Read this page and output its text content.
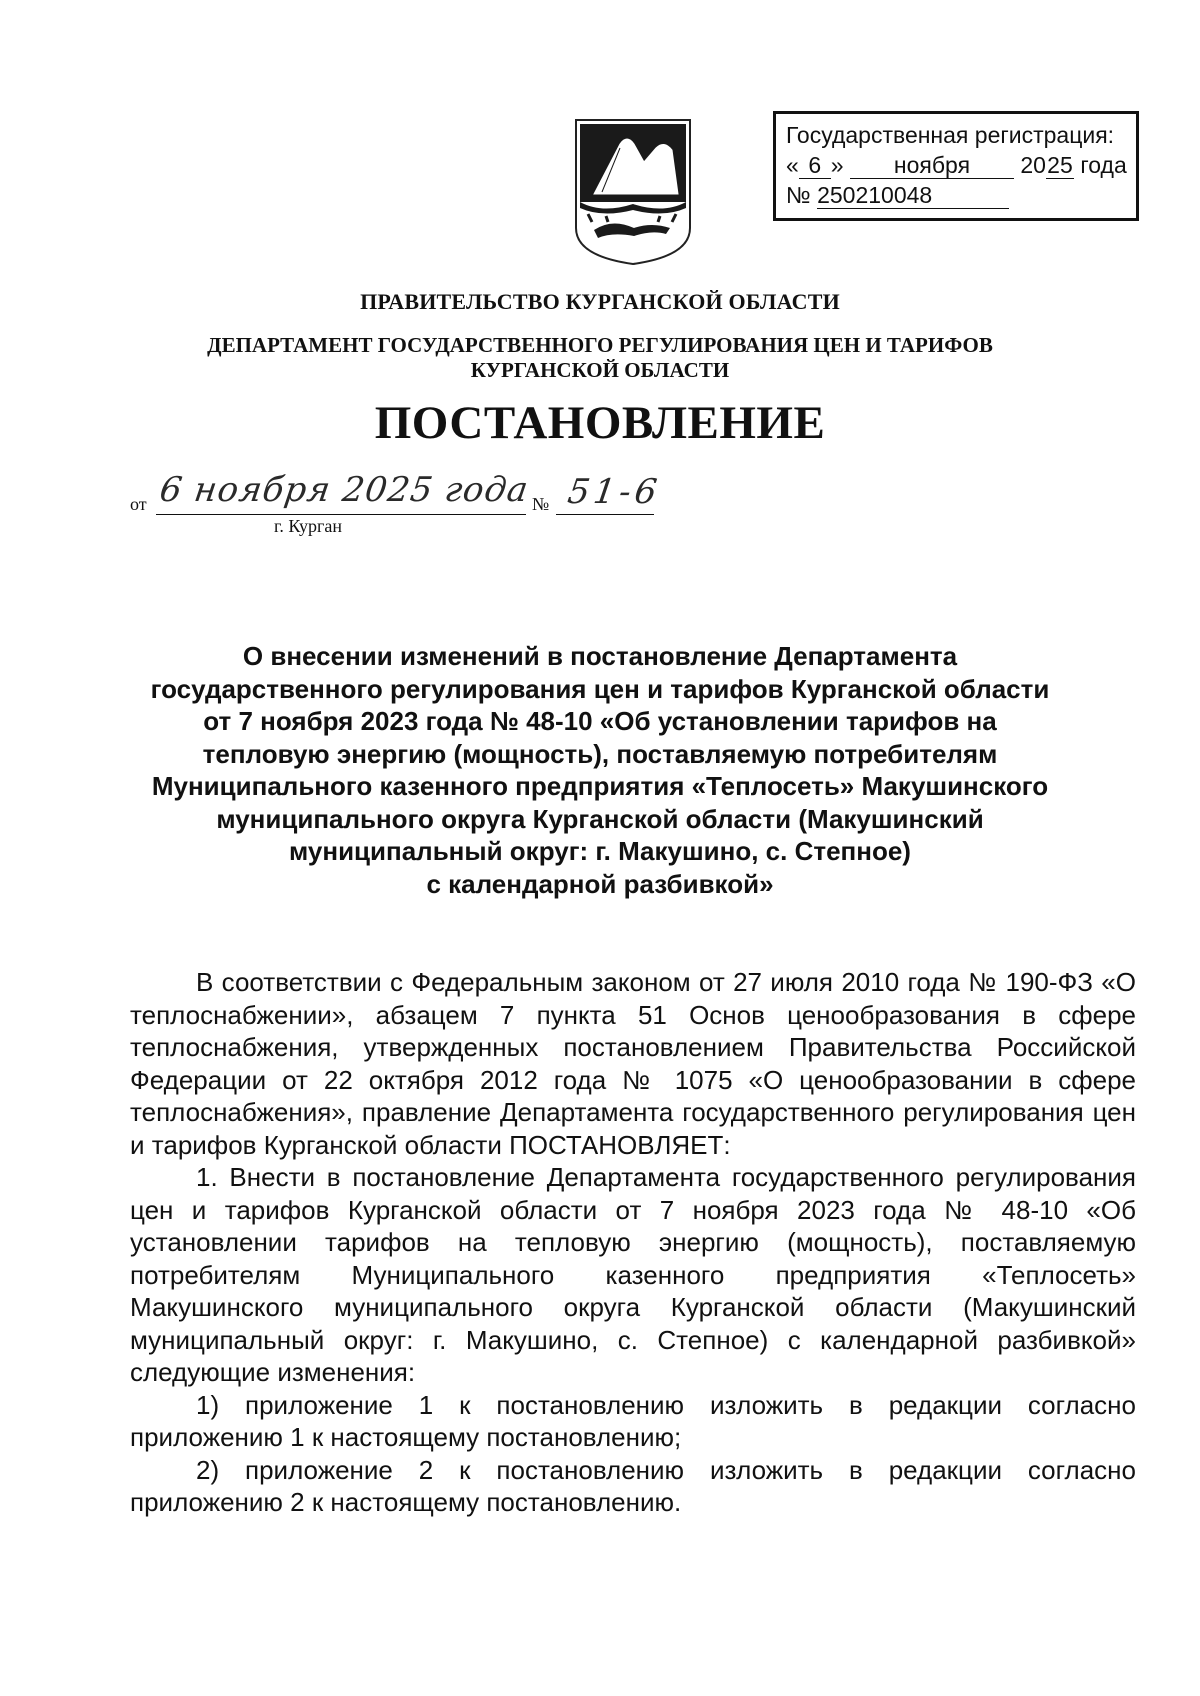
Государственная регистрация:
« 6 » ноября 2025 года
№ 250210048
ПРАВИТЕЛЬСТВО КУРГАНСКОЙ ОБЛАСТИ
ДЕПАРТАМЕНТ ГОСУДАРСТВЕННОГО РЕГУЛИРОВАНИЯ ЦЕН И ТАРИФОВ
КУРГАНСКОЙ ОБЛАСТИ
ПОСТАНОВЛЕНИЕ
от 6 ноября 2025 года № 51-6
г. Курган
О внесении изменений в постановление Департамента
государственного регулирования цен и тарифов Курганской области
от 7 ноября 2023 года № 48-10 «Об установлении тарифов на
тепловую энергию (мощность), поставляемую потребителям
Муниципального казенного предприятия «Теплосеть» Макушинского
муниципального округа Курганской области (Макушинский
муниципальный округ: г. Макушино, с. Степное)
с календарной разбивкой»

В соответствии с Федеральным законом от 27 июля 2010 года № 190-ФЗ «О теплоснабжении», абзацем 7 пункта 51 Основ ценообразования в сфере теплоснабжения, утвержденных постановлением Правительства Российской Федерации от 22 октября 2012 года № 1075 «О ценообразовании в сфере теплоснабжения», правление Департамента государственного регулирования цен и тарифов Курганской области ПОСТАНОВЛЯЕТ:

1. Внести в постановление Департамента государственного регулирования цен и тарифов Курганской области от 7 ноября 2023 года № 48-10 «Об установлении тарифов на тепловую энергию (мощность), поставляемую потребителям Муниципального казенного предприятия «Теплосеть» Макушинского муниципального округа Курганской области (Макушинский муниципальный округ: г. Макушино, с. Степное) с календарной разбивкой» следующие изменения:

1) приложение 1 к постановлению изложить в редакции согласно приложению 1 к настоящему постановлению;

2) приложение 2 к постановлению изложить в редакции согласно приложению 2 к настоящему постановлению.
